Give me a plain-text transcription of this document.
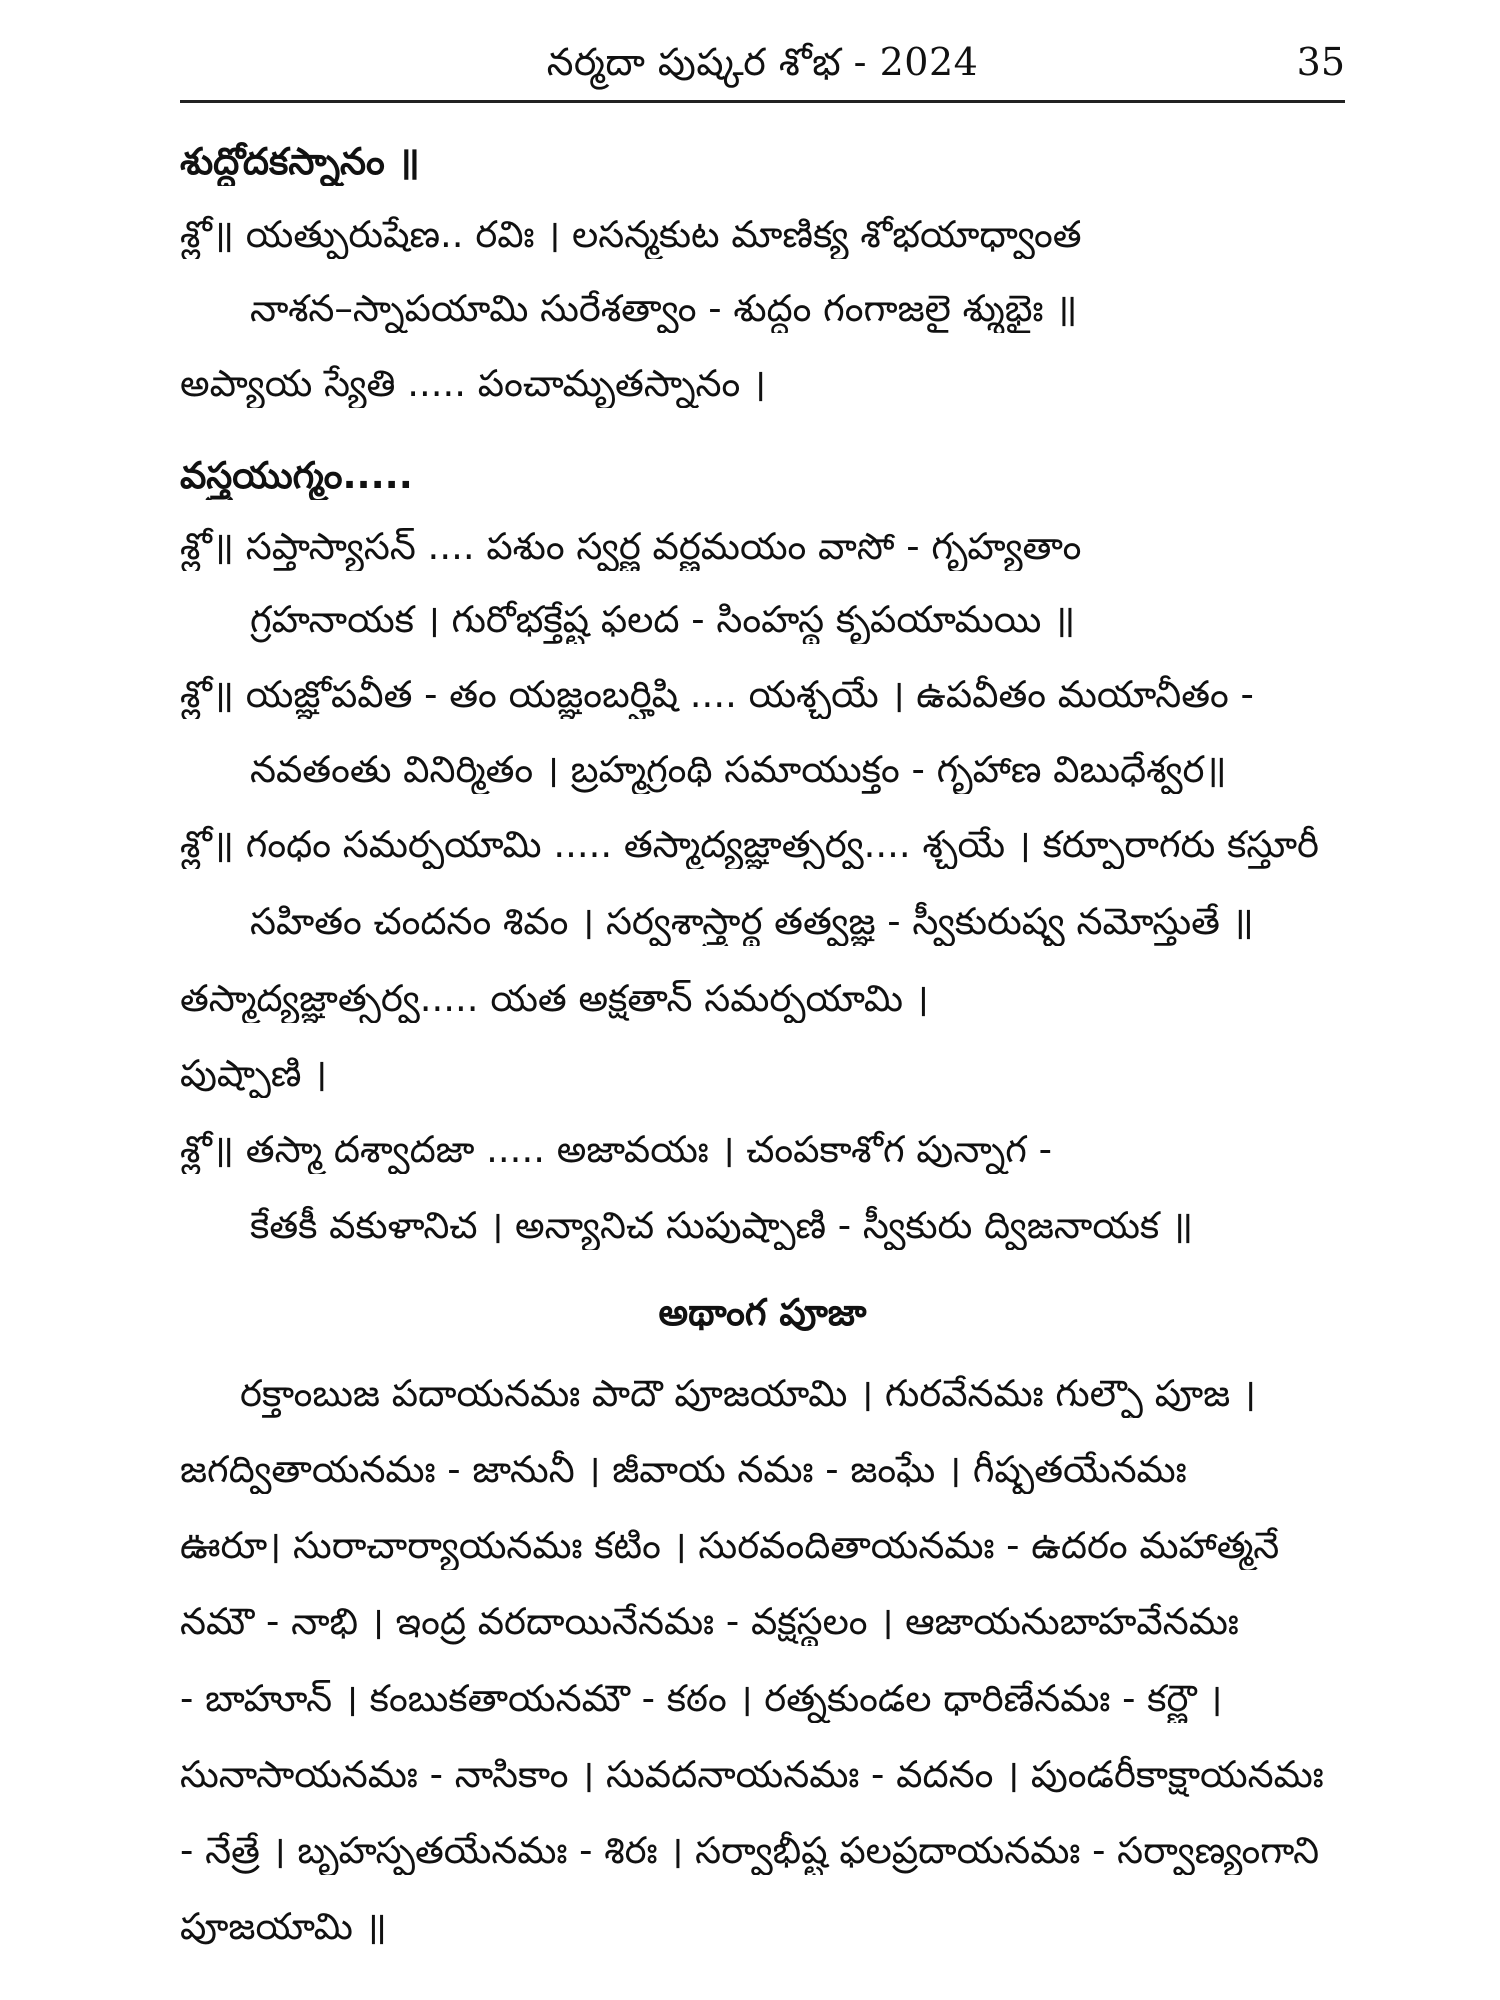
నర్మదా పుష్కర శోభ - 2024	35
శుద్ధోదకస్నానం ॥
శ్లో॥ యత్పురుషేణ.. రవిః । లసన్మకుట మాణిక్య శోభయాధ్వాంత
నాశన–స్నాపయామి సురేశత్వాం - శుద్ధం గంగాజలై శ్శుభైః ॥
అప్యాయ స్యేతి ..... పంచామృతస్నానం ।
వస్త్రయుగ్మం.....
శ్లో॥ సప్తాస్యాసన్ .... పశుం స్వర్ణ వర్ణమయం వాసో - గృహ్యతాం
గ్రహనాయక । గురోభక్తేష్ట ఫలద - సింహస్థ కృపయామయి ॥
శ్లో॥ యజ్ఞోపవీత - తం యజ్ఞంబర్హిషి .... యశ్చయే । ఉపవీతం మయానీతం -
నవతంతు వినిర్మితం । బ్రహ్మగ్రంథి సమాయుక్తం - గృహాణ విబుధేశ్వర॥
శ్లో॥ గంధం సమర్పయామి ..... తస్మాద్యజ్ఞాత్సర్వ.... శ్చయే । కర్పూరాగరు కస్తూరీ
సహితం చందనం శివం । సర్వశాస్త్రార్థ తత్వజ్ఞ - స్వీకురుష్వ నమోస్తుతే ॥
తస్మాద్యజ్ఞాత్సర్వ..... యత అక్షతాన్ సమర్పయామి ।
పుష్పాణి ।
శ్లో॥ తస్మా దశ్వాదజా ..... అజావయః । చంపకాశోగ పున్నాగ -
కేతకీ వకుళానిచ । అన్యానిచ సుపుష్పాణి - స్వీకురు ద్విజనాయక ॥
అథాంగ పూజా
రక్తాంబుజ పదాయనమః పాదౌ పూజయామి । గురవేనమః గుల్ఫౌ పూజ ।
జగద్వితాయనమః - జానునీ । జీవాయ నమః - జంఘే । గీష్పతయేనమః
ఊరూ। సురాచార్యాయనమః కటిం । సురవందితాయనమః - ఉదరం మహాత్మనే
నమౌ - నాభి । ఇంద్ర వరదాయినేనమః - వక్షస్థలం । ఆజాయనుబాహవేనమః
- బాహూన్ । కంబుకతాయనమౌ - కఠం । రత్నకుండల ధారిణేనమః - కర్ణౌ ।
సునాసాయనమః - నాసికాం । సువదనాయనమః - వదనం । పుండరీకాక్షాయనమః
- నేత్రే । బృహస్పతయేనమః - శిరః । సర్వాభీష్ట ఫలప్రదాయనమః - సర్వాణ్యంగాని
పూజయామి ॥
